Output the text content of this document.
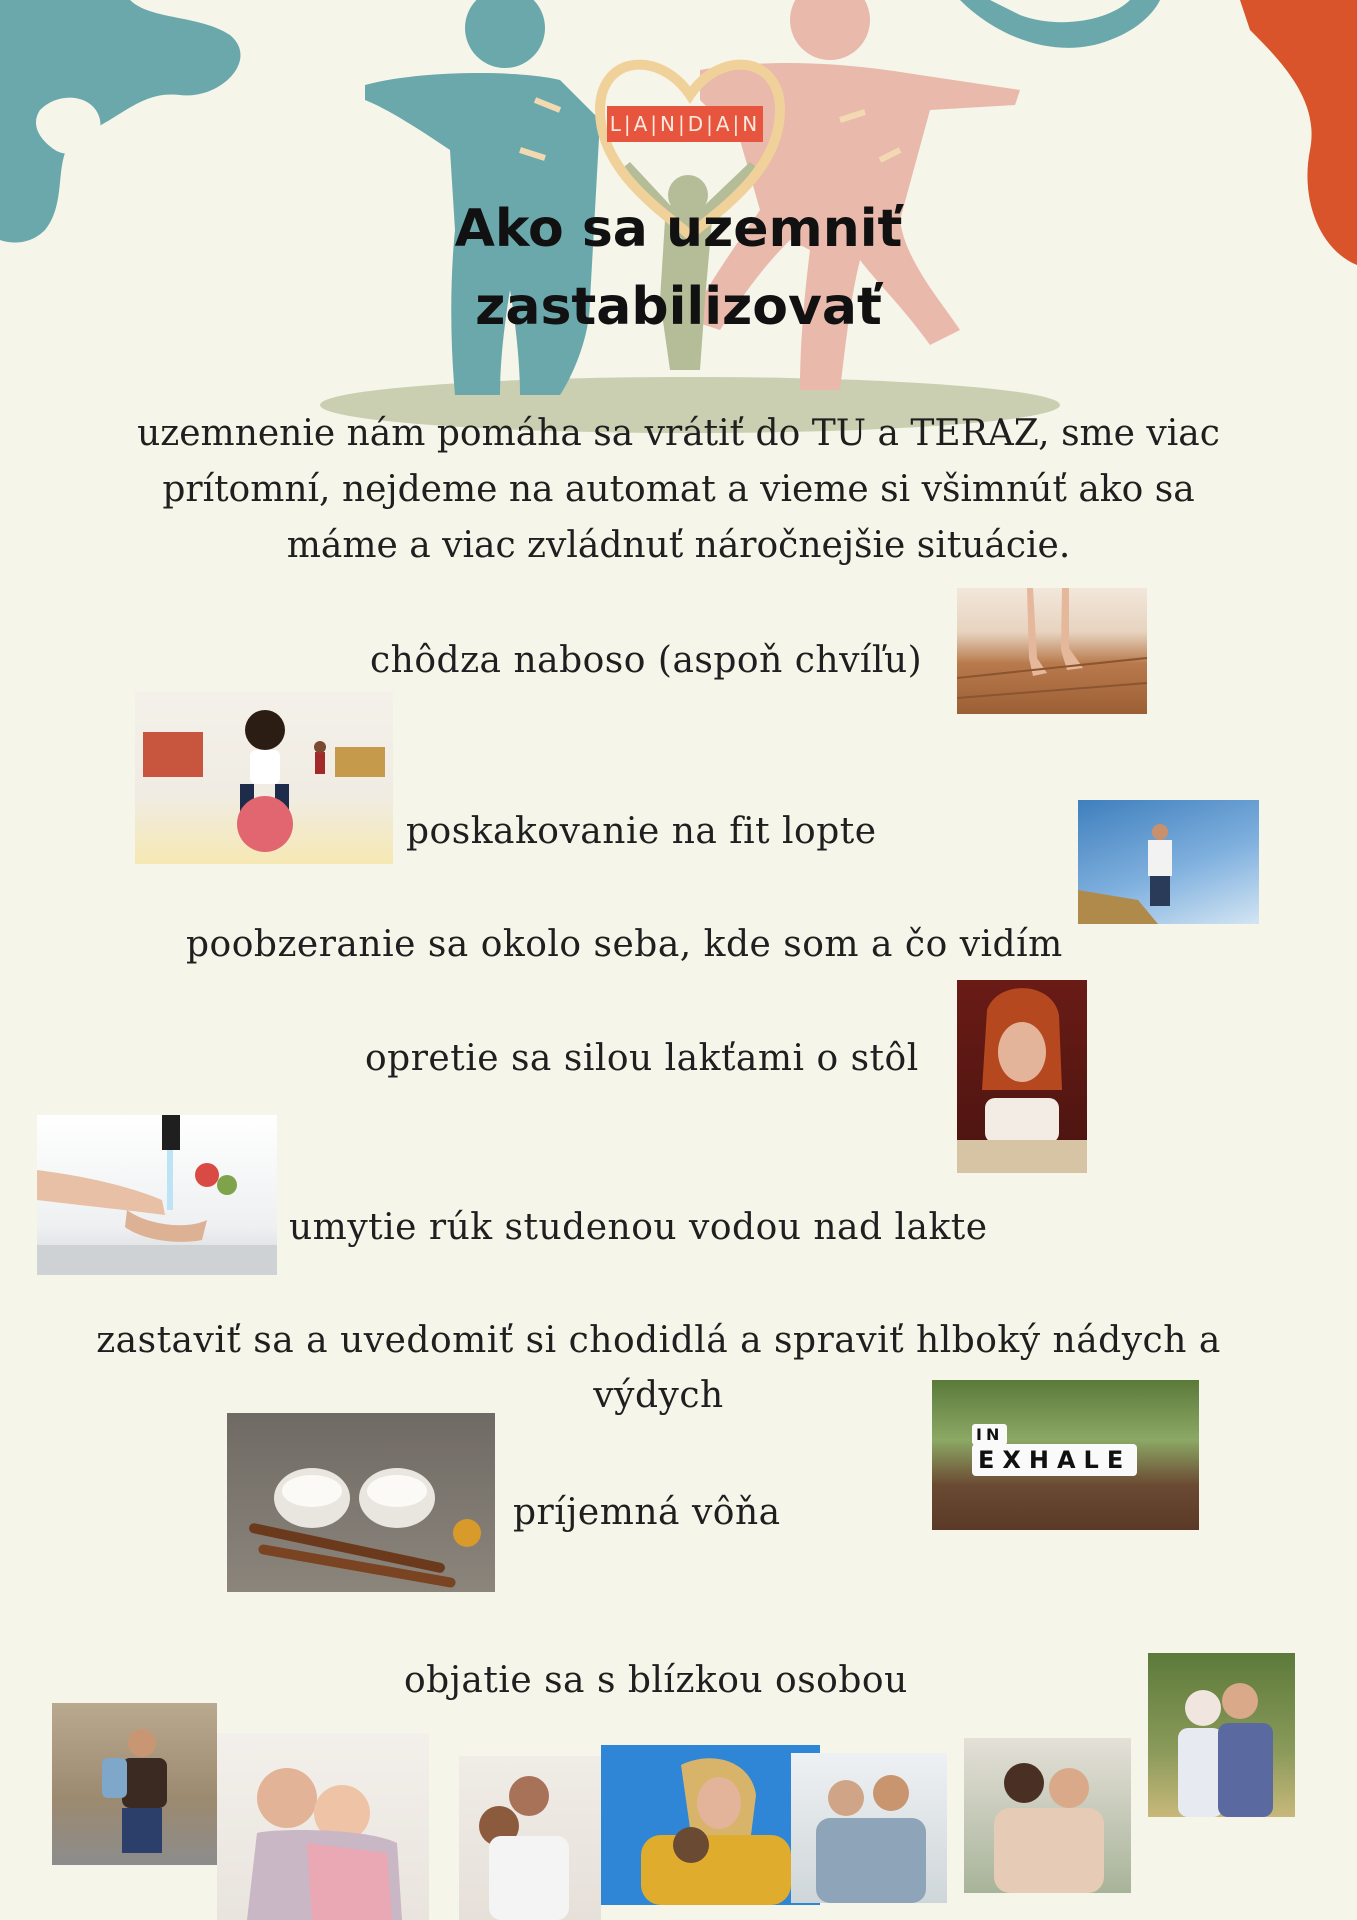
L|A|N|D|A|N
Ako sa uzemniť
zastabilizovať
uzemnenie nám pomáha sa vrátiť do TU a TERAZ, sme viac
prítomní, nejdeme na automat a vieme si všimnúť ako sa
máme a viac zvládnuť náročnejšie situácie.
chôdza naboso (aspoň chvíľu)
poskakovanie na fit lopte
poobzeranie sa okolo seba, kde som a čo vidím
opretie sa silou lakťami o stôl
umytie rúk studenou vodou nad lakte
zastaviť sa a uvedomiť si chodidlá a spraviť hlboký nádych a
výdych
IN
EXHALE
príjemná vôňa
objatie sa s blízkou osobou
